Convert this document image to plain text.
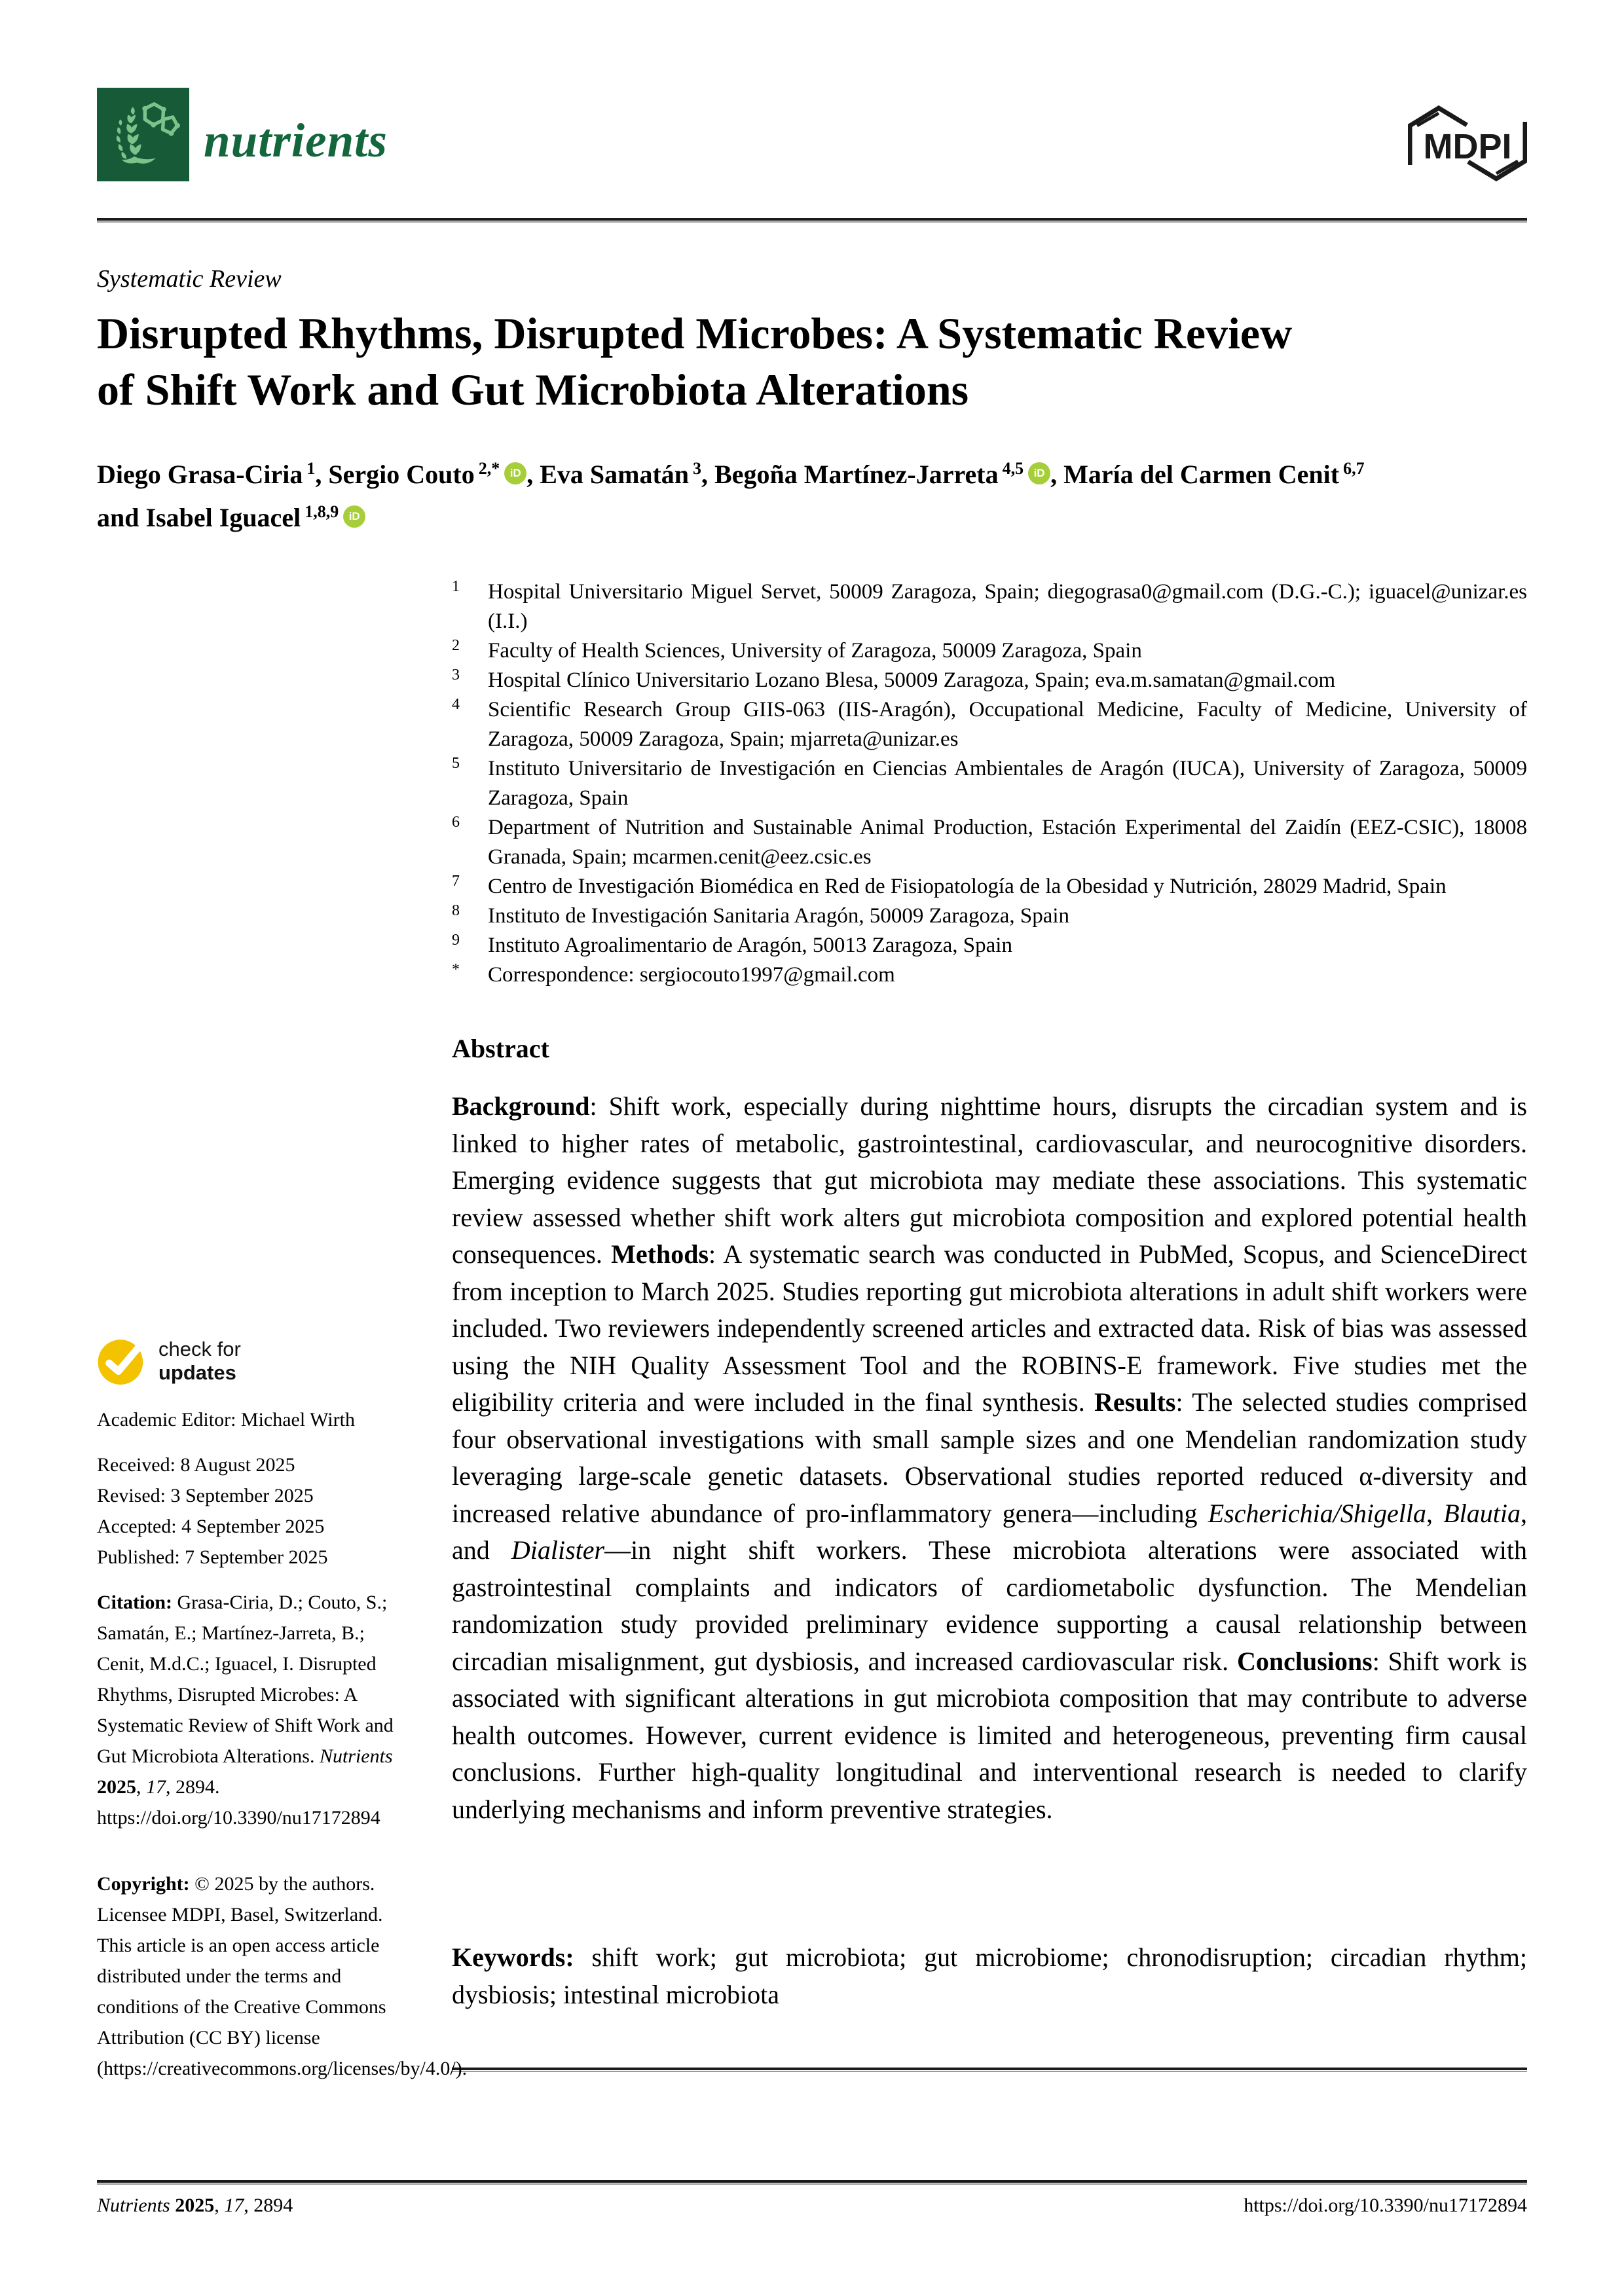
nutrients	MDPI
Systematic Review
Disrupted Rhythms, Disrupted Microbes: A Systematic Review
of Shift Work and Gut Microbiota Alterations
Diego Grasa-Ciria $^1$, Sergio Couto $^{2,*}$ iD , Eva Samatán $^3$, Begoña Martínez-Jarreta $^{4,5}$ iD , María del Carmen Cenit $^{6,7}$
and Isabel Iguacel $^{1,8,9}$ iD
1	Hospital Universitario Miguel Servet, 50009 Zaragoza, Spain; diegograsa0@gmail.com (D.G.-C.); iguacel@unizar.es (I.I.)
2	Faculty of Health Sciences, University of Zaragoza, 50009 Zaragoza, Spain
3	Hospital Clínico Universitario Lozano Blesa, 50009 Zaragoza, Spain; eva.m.samatan@gmail.com
4	Scientific Research Group GIIS-063 (IIS-Aragón), Occupational Medicine, Faculty of Medicine, University of Zaragoza, 50009 Zaragoza, Spain; mjarreta@unizar.es
5	Instituto Universitario de Investigación en Ciencias Ambientales de Aragón (IUCA), University of Zaragoza, 50009 Zaragoza, Spain
6	Department of Nutrition and Sustainable Animal Production, Estación Experimental del Zaidín (EEZ-CSIC), 18008 Granada, Spain; mcarmen.cenit@eez.csic.es
7	Centro de Investigación Biomédica en Red de Fisiopatología de la Obesidad y Nutrición, 28029 Madrid, Spain
8	Instituto de Investigación Sanitaria Aragón, 50009 Zaragoza, Spain
9	Instituto Agroalimentario de Aragón, 50013 Zaragoza, Spain
*	Correspondence: sergiocouto1997@gmail.com
Abstract
Background: Shift work, especially during nighttime hours, disrupts the circadian system and is linked to higher rates of metabolic, gastrointestinal, cardiovascular, and neurocognitive disorders. Emerging evidence suggests that gut microbiota may mediate these associations. This systematic review assessed whether shift work alters gut microbiota composition and explored potential health consequences. Methods: A systematic search was conducted in PubMed, Scopus, and ScienceDirect from inception to March 2025. Studies reporting gut microbiota alterations in adult shift workers were included. Two reviewers independently screened articles and extracted data. Risk of bias was assessed using the NIH Quality Assessment Tool and the ROBINS-E framework. Five studies met the eligibility criteria and were included in the final synthesis. Results: The selected studies comprised four observational investigations with small sample sizes and one Mendelian randomization study leveraging large-scale genetic datasets. Observational studies reported reduced α-diversity and increased relative abundance of pro-inflammatory genera—including Escherichia/Shigella, Blautia, and Dialister—in night shift workers. These microbiota alterations were associated with gastrointestinal complaints and indicators of cardiometabolic dysfunction. The Mendelian randomization study provided preliminary evidence supporting a causal relationship between circadian misalignment, gut dysbiosis, and increased cardiovascular risk. Conclusions: Shift work is associated with significant alterations in gut microbiota composition that may contribute to adverse health outcomes. However, current evidence is limited and heterogeneous, preventing firm causal conclusions. Further high-quality longitudinal and interventional research is needed to clarify underlying mechanisms and inform preventive strategies.
Keywords: shift work; gut microbiota; gut microbiome; chronodisruption; circadian rhythm; dysbiosis; intestinal microbiota
check for
updates
Academic Editor: Michael Wirth
Received: 8 August 2025
Revised: 3 September 2025
Accepted: 4 September 2025
Published: 7 September 2025
Citation: Grasa-Ciria, D.; Couto, S.; Samatán, E.; Martínez-Jarreta, B.; Cenit, M.d.C.; Iguacel, I. Disrupted Rhythms, Disrupted Microbes: A Systematic Review of Shift Work and Gut Microbiota Alterations. Nutrients 2025, 17, 2894. https://doi.org/10.3390/nu17172894
Copyright: © 2025 by the authors. Licensee MDPI, Basel, Switzerland. This article is an open access article distributed under the terms and conditions of the Creative Commons Attribution (CC BY) license (https://creativecommons.org/licenses/by/4.0/).
Nutrients 2025, 17, 2894	https://doi.org/10.3390/nu17172894
